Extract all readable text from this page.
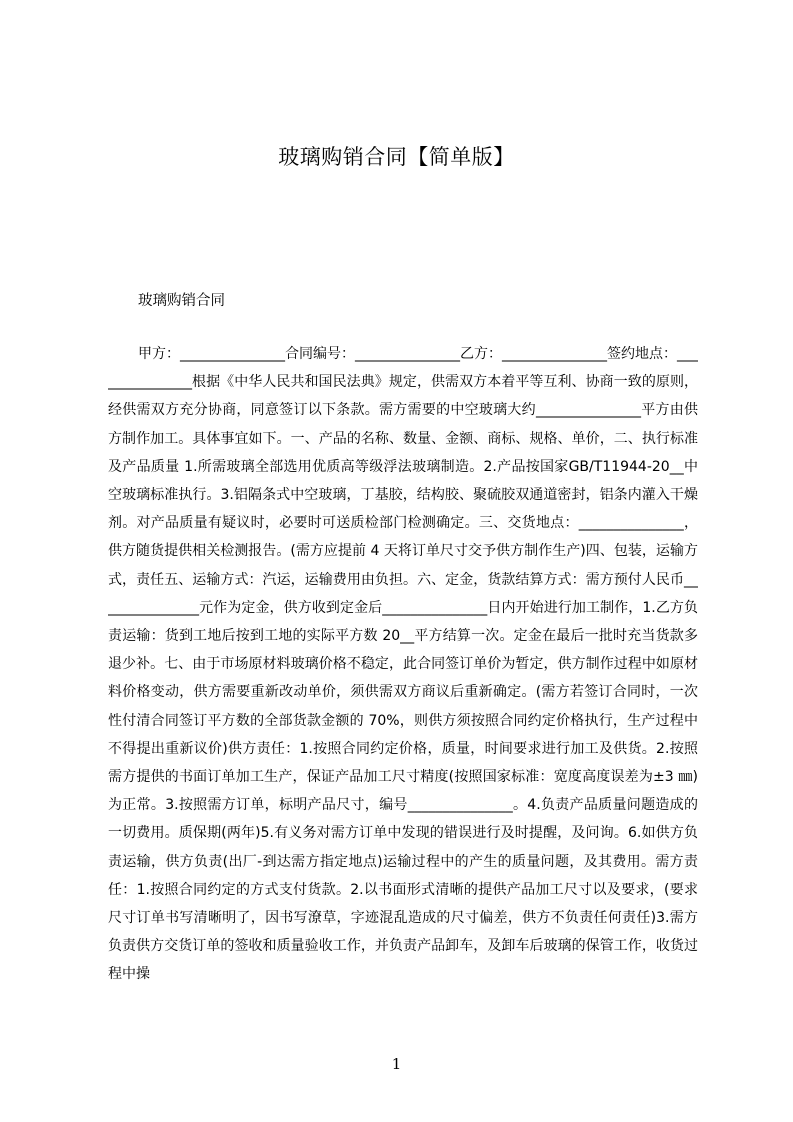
玻璃购销合同【简单版】
玻璃购销合同

甲方：_______________合同编号：_______________乙方：_______________签约地点：_______________根据《中华人民共和国民法典》规定，供需双方本着平等互利、协商一致的原则，经供需双方充分协商，同意签订以下条款。需方需要的中空玻璃大约_______________平方由供方制作加工。具体事宜如下。一、产品的名称、数量、金额、商标、规格、单价，二、执行标准及产品质量 1.所需玻璃全部选用优质高等级浮法玻璃制造。2.产品按国家GB/T11944-20__中空玻璃标准执行。3.铝隔条式中空玻璃，丁基胶，结构胶、聚硫胶双通道密封，铝条内灌入干燥剂。对产品质量有疑议时，必要时可送质检部门检测确定。三、交货地点：_______________，供方随货提供相关检测报告。(需方应提前 4 天将订单尺寸交予供方制作生产)四、包装，运输方式，责任五、运输方式：汽运，运输费用由负担。六、定金，货款结算方式：需方预付人民币_______________元作为定金，供方收到定金后_______________日内开始进行加工制作，1.乙方负责运输：货到工地后按到工地的实际平方数 20__平方结算一次。定金在最后一批时充当货款多退少补。七、由于市场原材料玻璃价格不稳定，此合同签订单价为暂定，供方制作过程中如原材料价格变动，供方需要重新改动单价，须供需双方商议后重新确定。(需方若签订合同时，一次性付清合同签订平方数的全部货款金额的 70%，则供方须按照合同约定价格执行，生产过程中不得提出重新议价)供方责任：1.按照合同约定价格，质量，时间要求进行加工及供货。2.按照需方提供的书面订单加工生产，保证产品加工尺寸精度(按照国家标准：宽度高度误差为±3 ㎜)为正常。3.按照需方订单，标明产品尺寸，编号_______________。4.负责产品质量问题造成的一切费用。质保期(两年)5.有义务对需方订单中发现的错误进行及时提醒，及问询。6.如供方负责运输，供方负责(出厂-到达需方指定地点)运输过程中的产生的质量问题，及其费用。需方责任：1.按照合同约定的方式支付货款。2.以书面形式清晰的提供产品加工尺寸以及要求，(要求尺寸订单书写清晰明了，因书写潦草，字迹混乱造成的尺寸偏差，供方不负责任何责任)3.需方负责供方交货订单的签收和质量验收工作，并负责产品卸车，及卸车后玻璃的保管工作，收货过程中操

1
